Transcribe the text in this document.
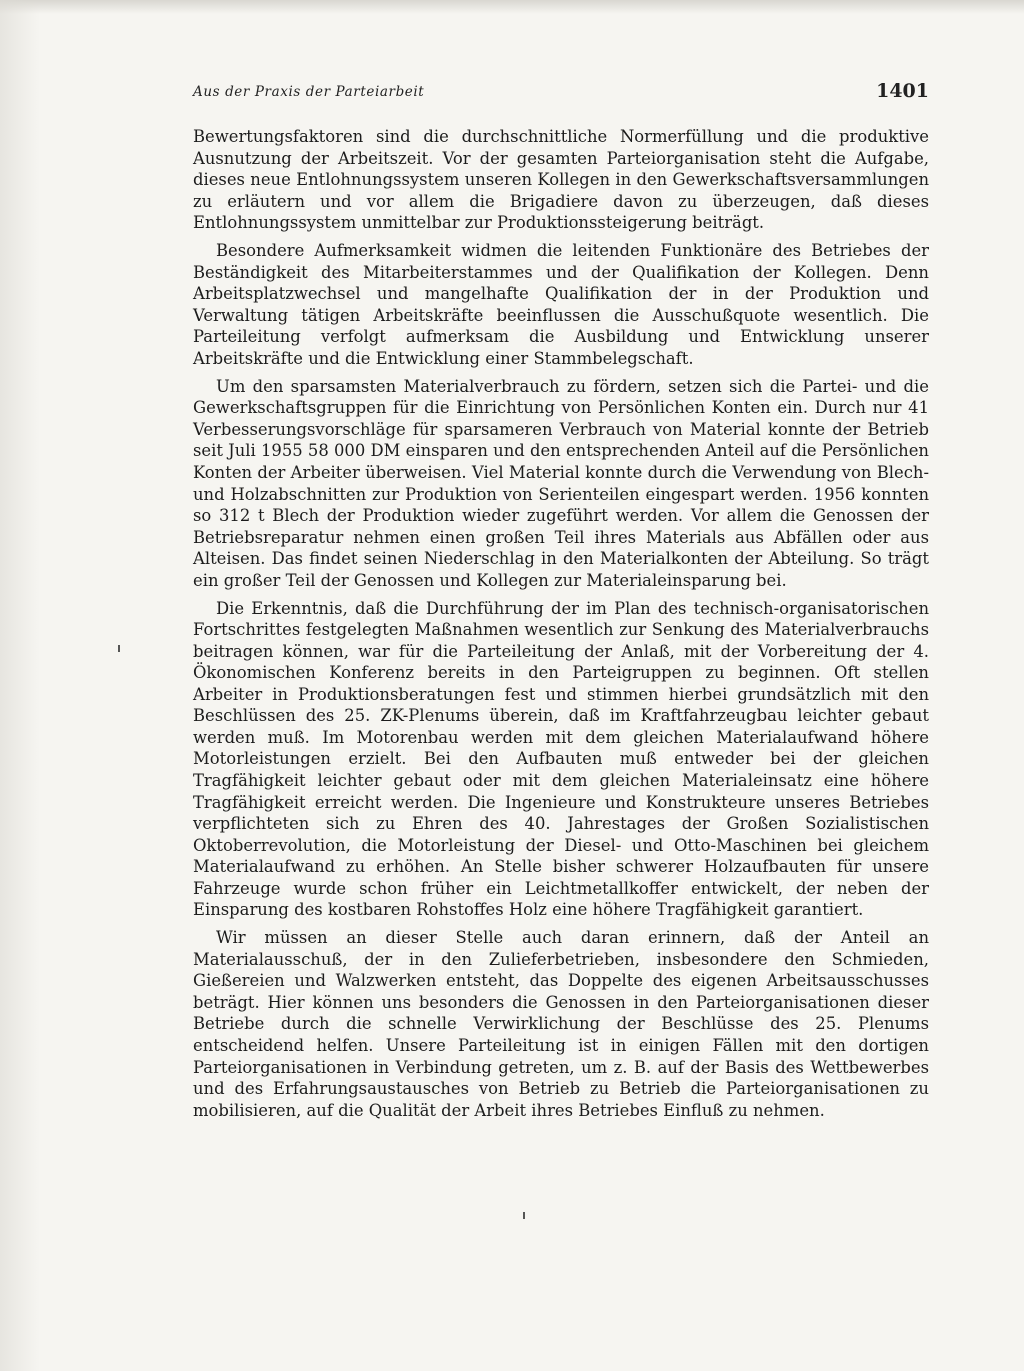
Aus der Praxis der Parteiarbeit	1401

Bewertungsfaktoren sind die durchschnittliche Normerfüllung und die produktive Ausnutzung der Arbeitszeit. Vor der gesamten Parteiorganisation steht die Aufgabe, dieses neue Entlohnungssystem unseren Kollegen in den Gewerkschaftsversammlungen zu erläutern und vor allem die Brigadiere davon zu überzeugen, daß dieses Entlohnungssystem unmittelbar zur Produktionssteigerung beiträgt.

Besondere Aufmerksamkeit widmen die leitenden Funktionäre des Betriebes der Beständigkeit des Mitarbeiterstammes und der Qualifikation der Kollegen. Denn Arbeitsplatzwechsel und mangelhafte Qualifikation der in der Produktion und Verwaltung tätigen Arbeitskräfte beeinflussen die Ausschußquote wesentlich. Die Parteileitung verfolgt aufmerksam die Ausbildung und Entwicklung unserer Arbeitskräfte und die Entwicklung einer Stammbelegschaft.

Um den sparsamsten Materialverbrauch zu fördern, setzen sich die Partei- und die Gewerkschaftsgruppen für die Einrichtung von Persönlichen Konten ein. Durch nur 41 Verbesserungsvorschläge für sparsameren Verbrauch von Material konnte der Betrieb seit Juli 1955 58 000 DM einsparen und den entsprechenden Anteil auf die Persönlichen Konten der Arbeiter überweisen. Viel Material konnte durch die Verwendung von Blech- und Holzabschnitten zur Produktion von Serienteilen eingespart werden. 1956 konnten so 312 t Blech der Produktion wieder zugeführt werden. Vor allem die Genossen der Betriebsreparatur nehmen einen großen Teil ihres Materials aus Abfällen oder aus Alteisen. Das findet seinen Niederschlag in den Materialkonten der Abteilung. So trägt ein großer Teil der Genossen und Kollegen zur Materialeinsparung bei.

Die Erkenntnis, daß die Durchführung der im Plan des technisch-organisatorischen Fortschrittes festgelegten Maßnahmen wesentlich zur Senkung des Materialverbrauchs beitragen können, war für die Parteileitung der Anlaß, mit der Vorbereitung der 4. Ökonomischen Konferenz bereits in den Parteigruppen zu beginnen. Oft stellen Arbeiter in Produktionsberatungen fest und stimmen hierbei grundsätzlich mit den Beschlüssen des 25. ZK-Plenums überein, daß im Kraftfahrzeugbau leichter gebaut werden muß. Im Motorenbau werden mit dem gleichen Materialaufwand höhere Motorleistungen erzielt. Bei den Aufbauten muß entweder bei der gleichen Tragfähigkeit leichter gebaut oder mit dem gleichen Materialeinsatz eine höhere Tragfähigkeit erreicht werden. Die Ingenieure und Konstrukteure unseres Betriebes verpflichteten sich zu Ehren des 40. Jahrestages der Großen Sozialistischen Oktoberrevolution, die Motorleistung der Diesel- und Otto-Maschinen bei gleichem Materialaufwand zu erhöhen. An Stelle bisher schwerer Holzaufbauten für unsere Fahrzeuge wurde schon früher ein Leichtmetallkoffer entwickelt, der neben der Einsparung des kostbaren Rohstoffes Holz eine höhere Tragfähigkeit garantiert.

Wir müssen an dieser Stelle auch daran erinnern, daß der Anteil an Materialausschuß, der in den Zulieferbetrieben, insbesondere den Schmieden, Gießereien und Walzwerken entsteht, das Doppelte des eigenen Arbeitsausschusses beträgt. Hier können uns besonders die Genossen in den Parteiorganisationen dieser Betriebe durch die schnelle Verwirklichung der Beschlüsse des 25. Plenums entscheidend helfen. Unsere Parteileitung ist in einigen Fällen mit den dortigen Parteiorganisationen in Verbindung getreten, um z. B. auf der Basis des Wettbewerbes und des Erfahrungsaustausches von Betrieb zu Betrieb die Parteiorganisationen zu mobilisieren, auf die Qualität der Arbeit ihres Betriebes Einfluß zu nehmen.
